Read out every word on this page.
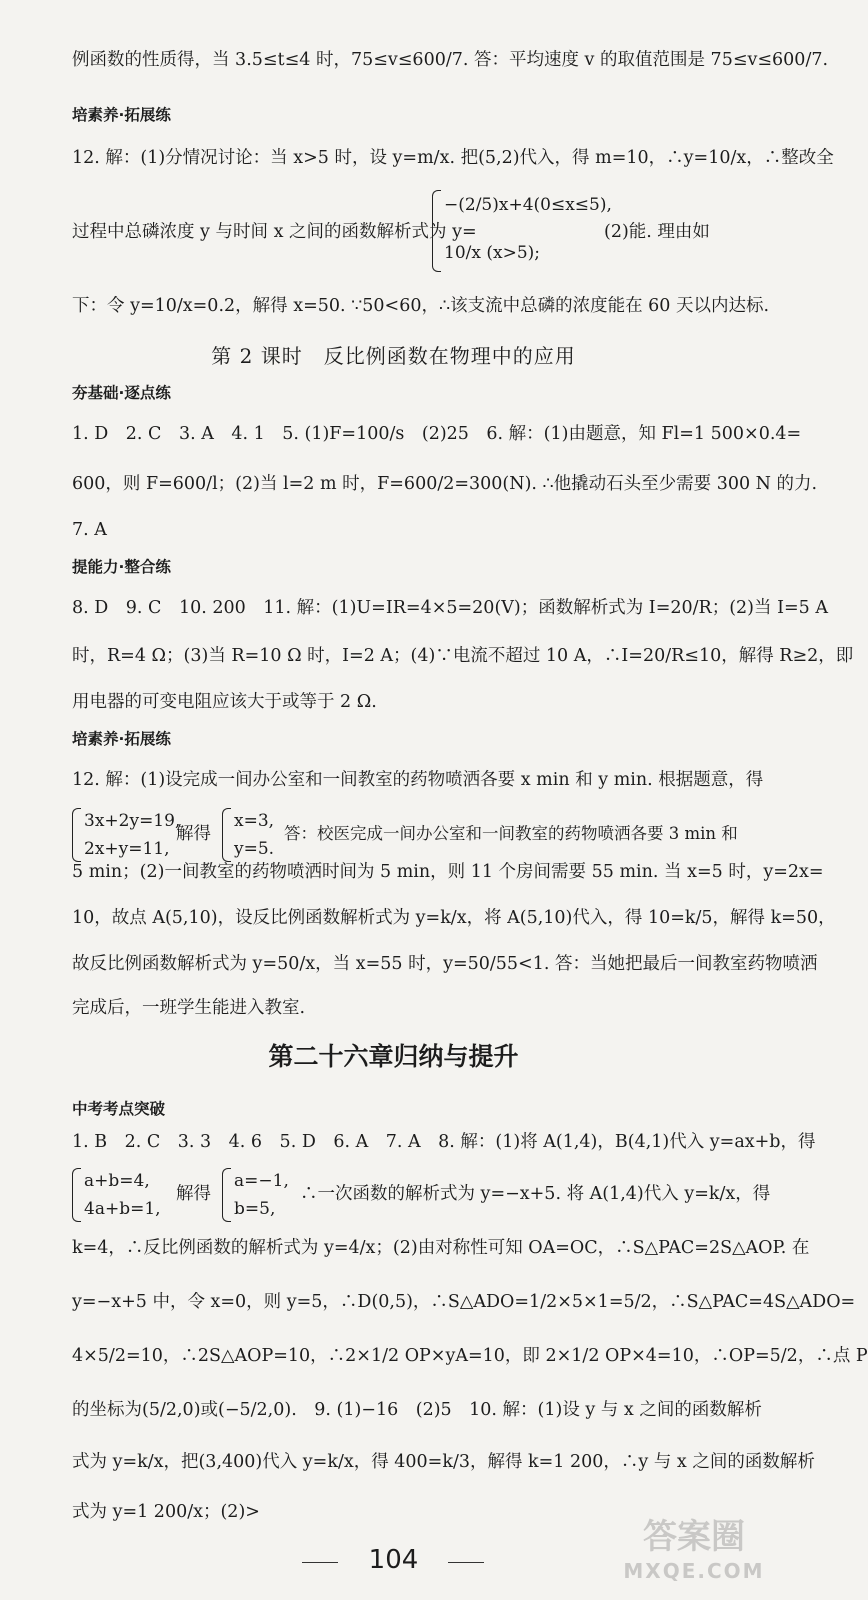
例函数的性质得，当 3.5≤t≤4 时，75≤v≤600/7. 答：平均速度 v 的取值范围是 75≤v≤600/7.
培素养·拓展练
12. 解：(1)分情况讨论：当 x>5 时，设 y=m/x. 把(5,2)代入，得 m=10，∴y=10/x，∴整改全
过程中总磷浓度 y 与时间 x 之间的函数解析式为 y=
−(2/5)x+4(0≤x≤5),
10/x (x>5);
(2)能. 理由如
下：令 y=10/x=0.2，解得 x=50. ∵50<60，∴该支流中总磷的浓度能在 60 天以内达标.
第 2 课时　反比例函数在物理中的应用
夯基础·逐点练
1. D　2. C　3. A　4. 1　5. (1)F=100/s　(2)25　6. 解：(1)由题意，知 Fl=1 500×0.4=
600，则 F=600/l；(2)当 l=2 m 时，F=600/2=300(N). ∴他撬动石头至少需要 300 N 的力.
7. A
提能力·整合练
8. D　9. C　10. 200　11. 解：(1)U=IR=4×5=20(V)；函数解析式为 I=20/R；(2)当 I=5 A
时，R=4 Ω；(3)当 R=10 Ω 时，I=2 A；(4)∵电流不超过 10 A，∴I=20/R≤10，解得 R≥2，即
用电器的可变电阻应该大于或等于 2 Ω.
培素养·拓展练
12. 解：(1)设完成一间办公室和一间教室的药物喷洒各要 x min 和 y min. 根据题意，得
3x+2y=19,
2x+y=11,
解得
x=3,
y=5.
答：校医完成一间办公室和一间教室的药物喷洒各要 3 min 和
5 min；(2)一间教室的药物喷洒时间为 5 min，则 11 个房间需要 55 min. 当 x=5 时，y=2x=
10，故点 A(5,10)，设反比例函数解析式为 y=k/x，将 A(5,10)代入，得 10=k/5，解得 k=50，
故反比例函数解析式为 y=50/x，当 x=55 时，y=50/55<1. 答：当她把最后一间教室药物喷洒
完成后，一班学生能进入教室.
第二十六章归纳与提升
中考考点突破
1. B　2. C　3. 3　4. 6　5. D　6. A　7. A　8. 解：(1)将 A(1,4)，B(4,1)代入 y=ax+b，得
a+b=4,
4a+b=1,
解得
a=−1,
b=5,
∴一次函数的解析式为 y=−x+5. 将 A(1,4)代入 y=k/x，得
k=4，∴反比例函数的解析式为 y=4/x；(2)由对称性可知 OA=OC，∴S△PAC=2S△AOP. 在
y=−x+5 中，令 x=0，则 y=5，∴D(0,5)，∴S△ADO=1/2×5×1=5/2，∴S△PAC=4S△ADO=
4×5/2=10，∴2S△AOP=10，∴2×1/2 OP×yA=10，即 2×1/2 OP×4=10，∴OP=5/2，∴点 P
的坐标为(5/2,0)或(−5/2,0).　9. (1)−16　(2)5　10. 解：(1)设 y 与 x 之间的函数解析
式为 y=k/x，把(3,400)代入 y=k/x，得 400=k/3，解得 k=1 200，∴y 与 x 之间的函数解析
式为 y=1 200/x；(2)>
104
答案圈
MXQE.COM
